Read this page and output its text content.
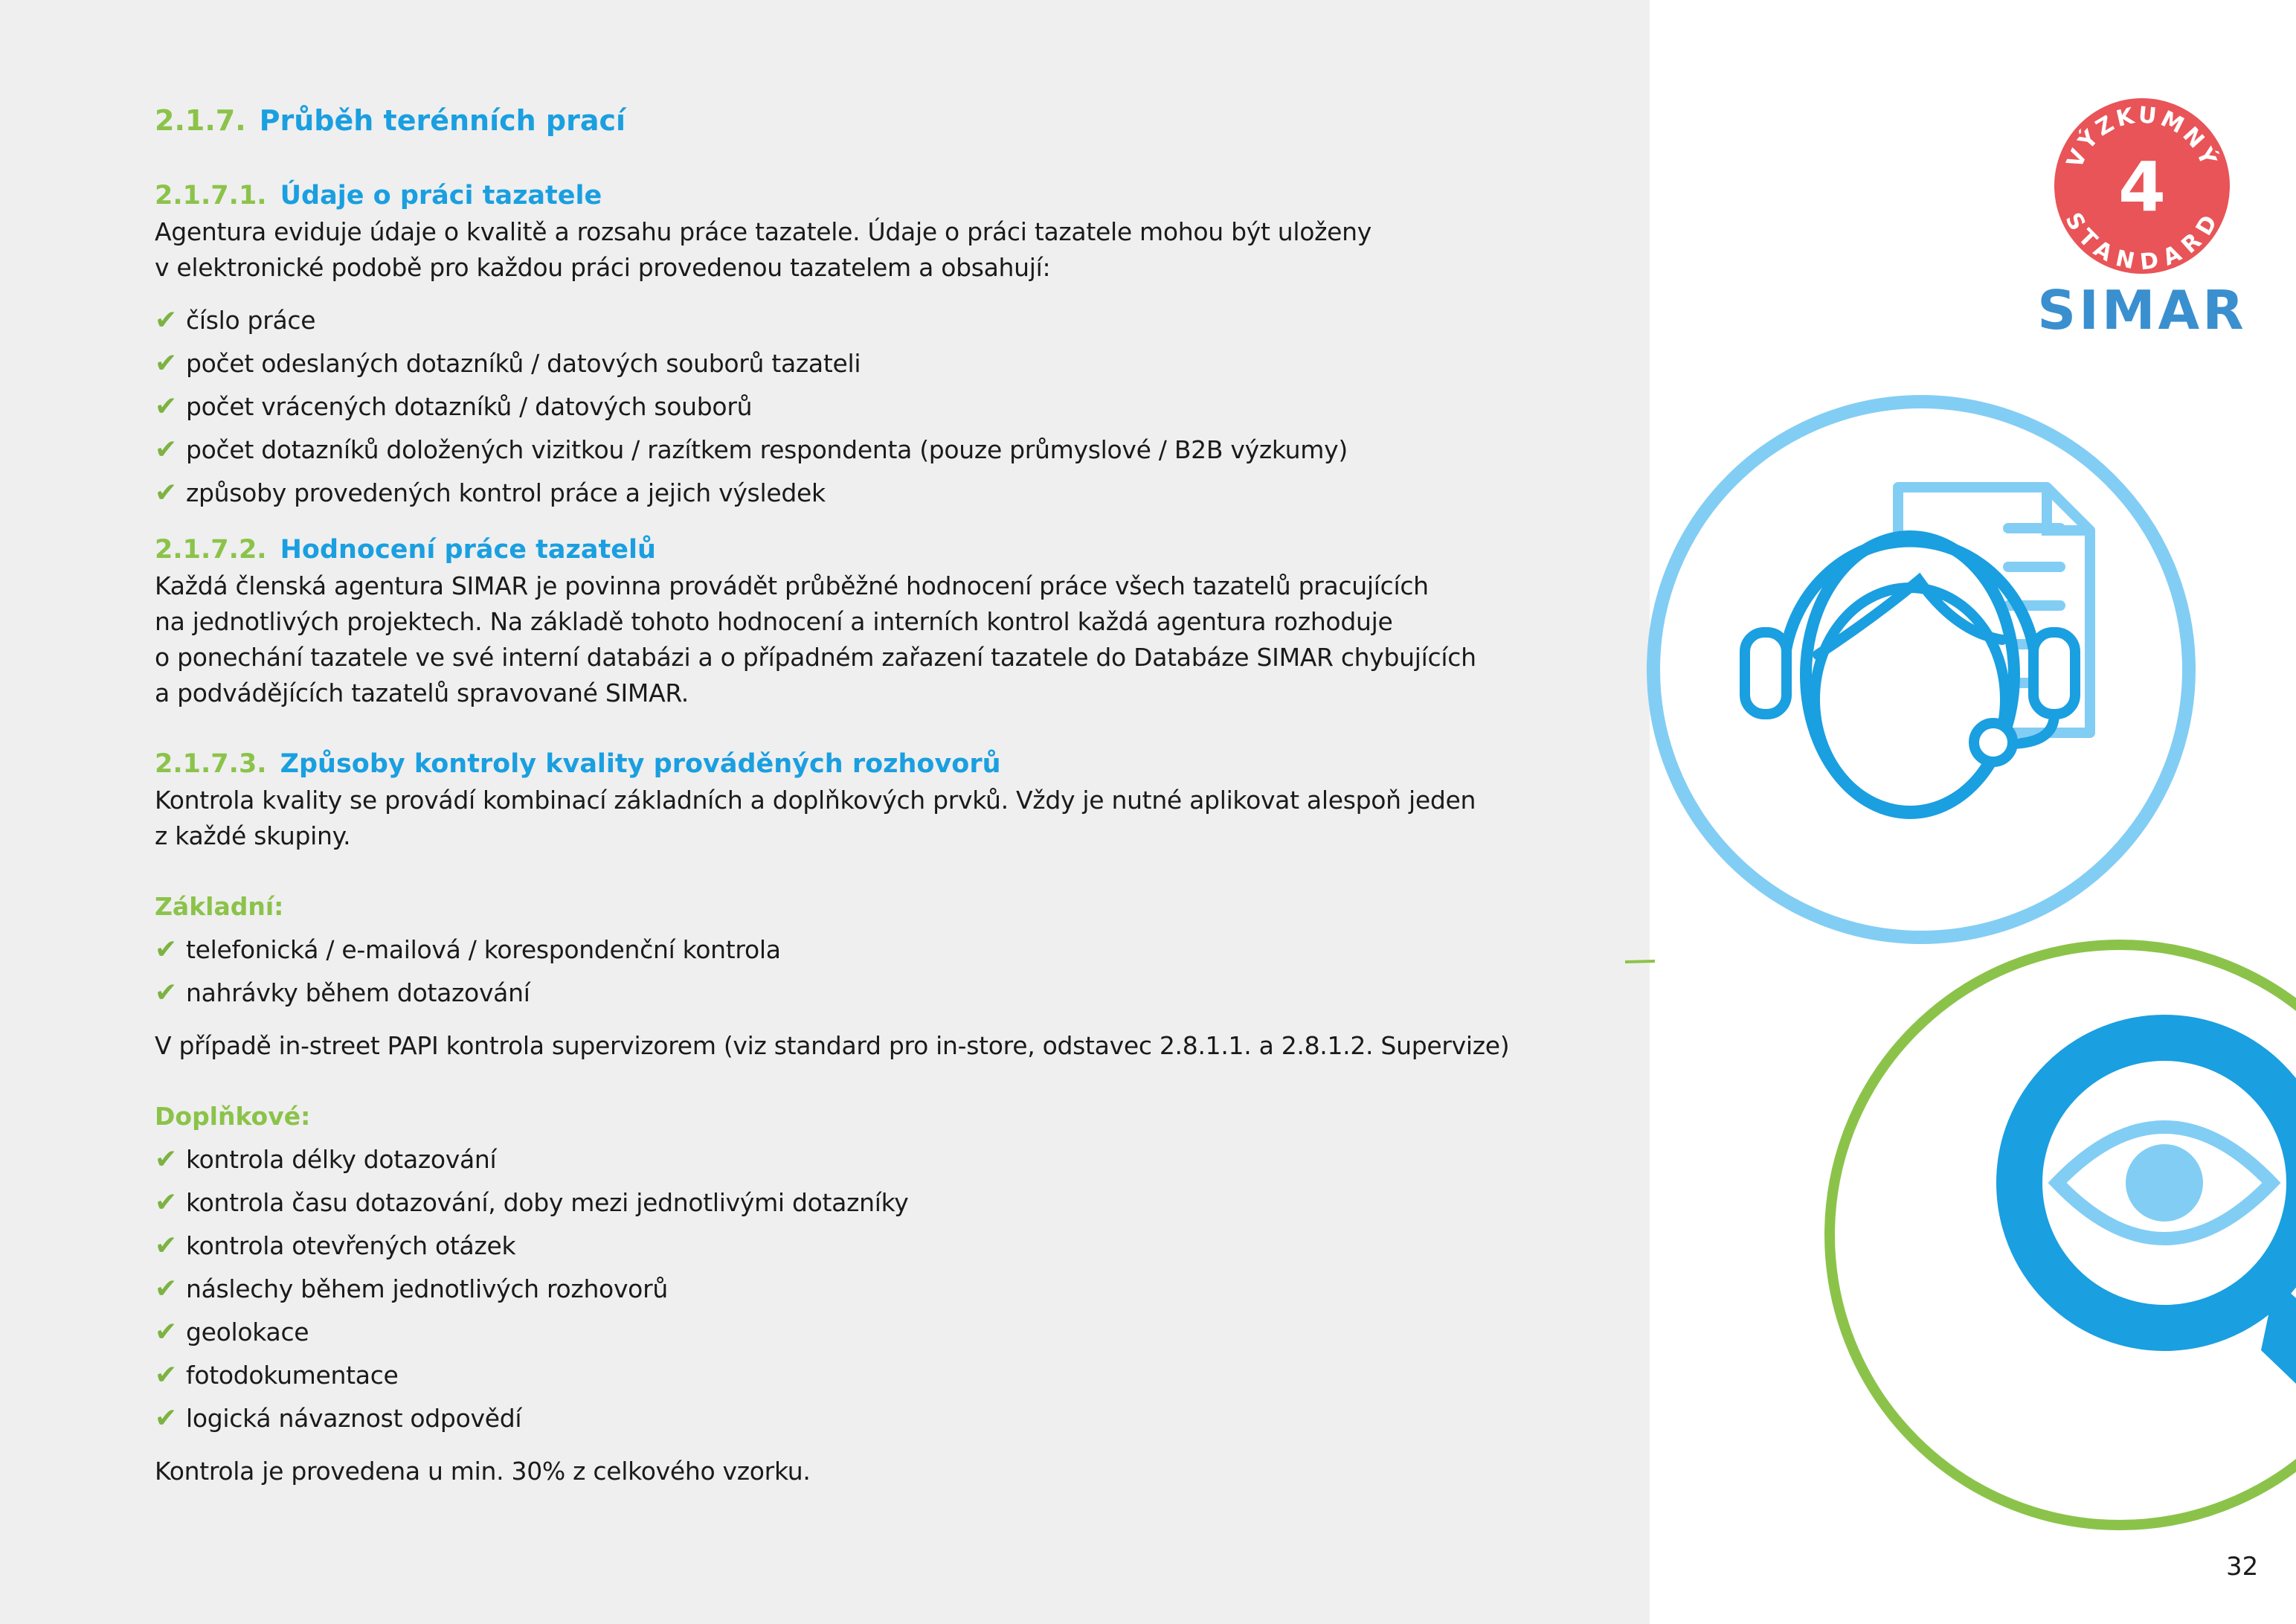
2.1.7. Průběh terénních prací
2.1.7.1. Údaje o práci tazatele

Agentura eviduje údaje o kvalitě a rozsahu práce tazatele. Údaje o práci tazatele mohou být uloženy

v elektronické podobě pro každou práci provedenou tazatelem a obsahují:

✔ číslo práce
✔ počet odeslaných dotazníků / datových souborů tazateli
✔ počet vrácených dotazníků / datových souborů
✔ počet dotazníků doložených vizitkou / razítkem respondenta (pouze průmyslové / B2B výzkumy)
✔ způsoby provedených kontrol práce a jejich výsledek
2.1.7.2. Hodnocení práce tazatelů

Každá členská agentura SIMAR je povinna provádět průběžné hodnocení práce všech tazatelů pracujících

na jednotlivých projektech. Na základě tohoto hodnocení a interních kontrol každá agentura rozhoduje

o ponechání tazatele ve své interní databázi a o případném zařazení tazatele do Databáze SIMAR chybujících

a podvádějících tazatelů spravované SIMAR.

2.1.7.3. Způsoby kontroly kvality prováděných rozhovorů

Kontrola kvality se provádí kombinací základních a doplňkových prvků. Vždy je nutné aplikovat alespoň jeden

z každé skupiny.

Základní:

✔ telefonická / e-mailová / korespondenční kontrola
✔ nahrávky během dotazování

V případě in-street PAPI kontrola supervizorem (viz standard pro in-store, odstavec 2.8.1.1. a 2.8.1.2. Supervize)

Doplňkové:

✔ kontrola délky dotazování
✔ kontrola času dotazování, doby mezi jednotlivými dotazníky
✔ kontrola otevřených otázek
✔ náslechy během jednotlivých rozhovorů
✔ geolokace
✔ fotodokumentace
✔ logická návaznost odpovědí

Kontrola je provedena u min. 30% z celkového vzorku.

VÝZKUMNÝ
STANDARD
4
SIMAR
32
